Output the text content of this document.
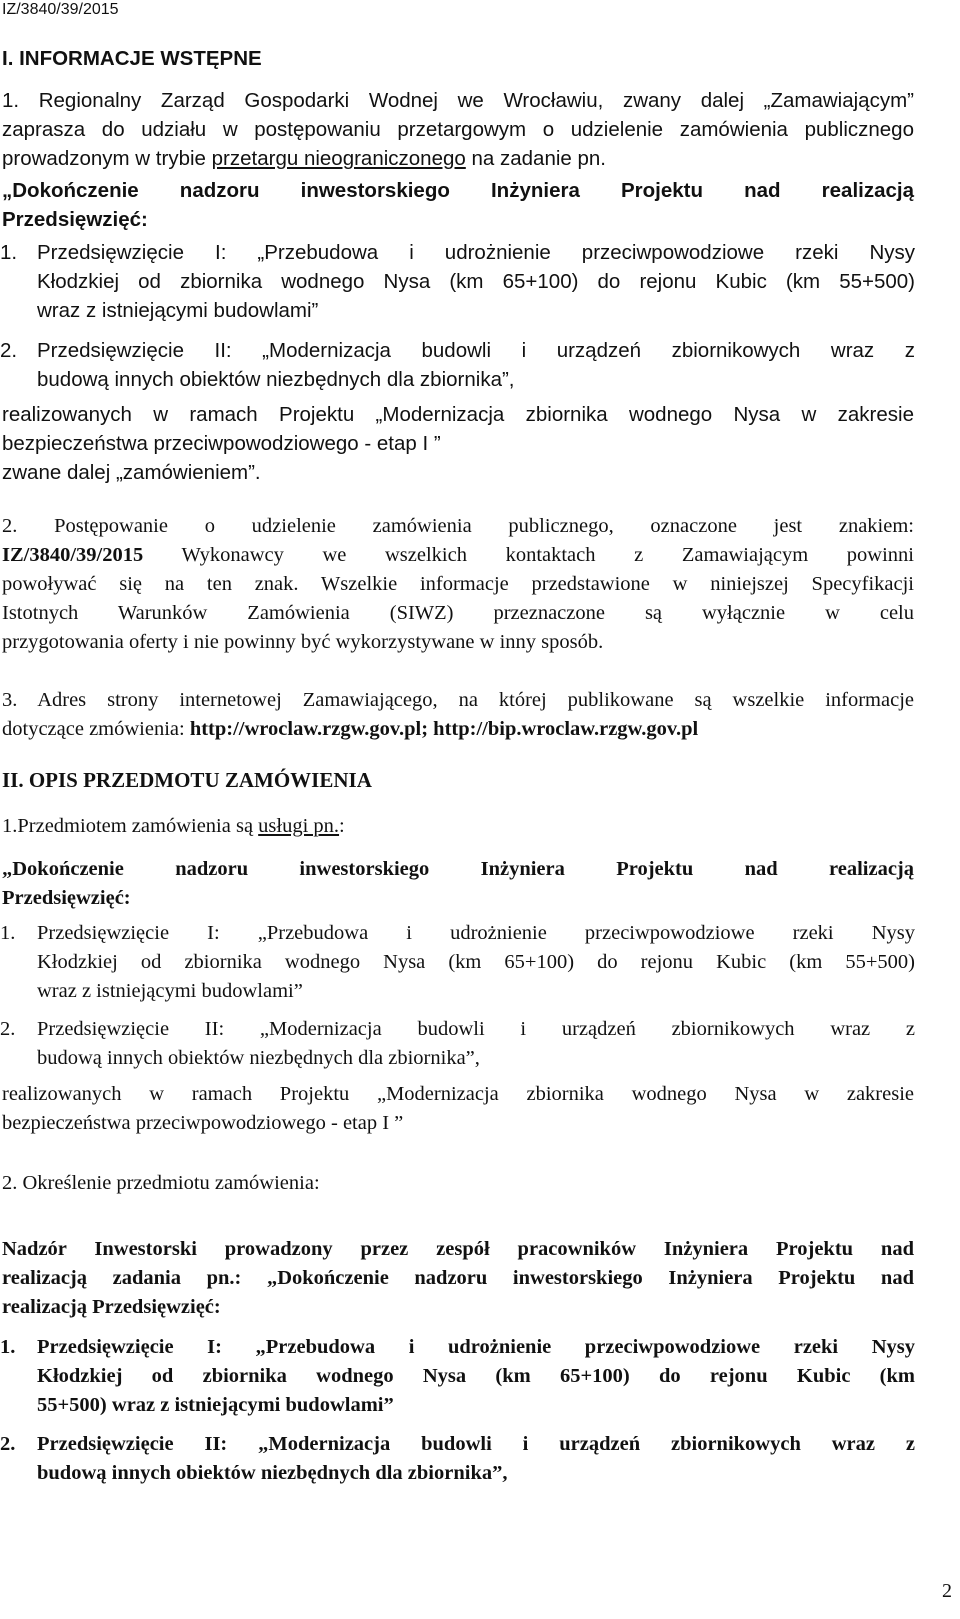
IZ/3840/39/2015
I. INFORMACJE WSTĘPNE
1. Regionalny Zarząd Gospodarki Wodnej we Wrocławiu, zwany dalej „Zamawiającym”
zaprasza do udziału w postępowaniu przetargowym o udzielenie zamówienia publicznego
prowadzonym w trybie przetargu nieograniczonego na zadanie pn.
„Dokończenie nadzoru inwestorskiego Inżyniera Projektu nad realizacją
Przedsięwzięć:
1. Przedsięwzięcie I: „Przebudowa i udrożnienie przeciwpowodziowe rzeki Nysy
Kłodzkiej od zbiornika wodnego Nysa (km 65+100) do rejonu Kubic (km 55+500)
wraz z istniejącymi budowlami”
2. Przedsięwzięcie II: „Modernizacja budowli i urządzeń zbiornikowych wraz z
budową innych obiektów niezbędnych dla zbiornika”,
realizowanych w ramach Projektu „Modernizacja zbiornika wodnego Nysa w zakresie
bezpieczeństwa przeciwpowodziowego - etap I ”
zwane dalej „zamówieniem”.
2. Postępowanie o udzielenie zamówienia publicznego, oznaczone jest znakiem:
IZ/3840/39/2015 Wykonawcy we wszelkich kontaktach z Zamawiającym powinni
powoływać się na ten znak. Wszelkie informacje przedstawione w niniejszej Specyfikacji
Istotnych Warunków Zamówienia (SIWZ) przeznaczone są wyłącznie w celu
przygotowania oferty i nie powinny być wykorzystywane w inny sposób.
3. Adres strony internetowej Zamawiającego, na której publikowane są wszelkie informacje
dotyczące zmówienia: http://wroclaw.rzgw.gov.pl; http://bip.wroclaw.rzgw.gov.pl
II. OPIS PRZEDMOTU ZAMÓWIENIA
1.Przedmiotem zamówienia są usługi pn.:
„Dokończenie nadzoru inwestorskiego Inżyniera Projektu nad realizacją
Przedsięwzięć:
1. Przedsięwzięcie I: „Przebudowa i udrożnienie przeciwpowodziowe rzeki Nysy
Kłodzkiej od zbiornika wodnego Nysa (km 65+100) do rejonu Kubic (km 55+500)
wraz z istniejącymi budowlami”
2. Przedsięwzięcie II: „Modernizacja budowli i urządzeń zbiornikowych wraz z
budową innych obiektów niezbędnych dla zbiornika”,
realizowanych w ramach Projektu „Modernizacja zbiornika wodnego Nysa w zakresie
bezpieczeństwa przeciwpowodziowego - etap I ”
2. Określenie przedmiotu zamówienia:
Nadzór Inwestorski prowadzony przez zespół pracowników Inżyniera Projektu nad
realizacją zadania pn.: „Dokończenie nadzoru inwestorskiego Inżyniera Projektu nad
realizacją Przedsięwzięć:
1. Przedsięwzięcie I: „Przebudowa i udrożnienie przeciwpowodziowe rzeki Nysy
Kłodzkiej od zbiornika wodnego Nysa (km 65+100) do rejonu Kubic (km
55+500) wraz z istniejącymi budowlami”
2. Przedsięwzięcie II: „Modernizacja budowli i urządzeń zbiornikowych wraz z
budową innych obiektów niezbędnych dla zbiornika”,
2
